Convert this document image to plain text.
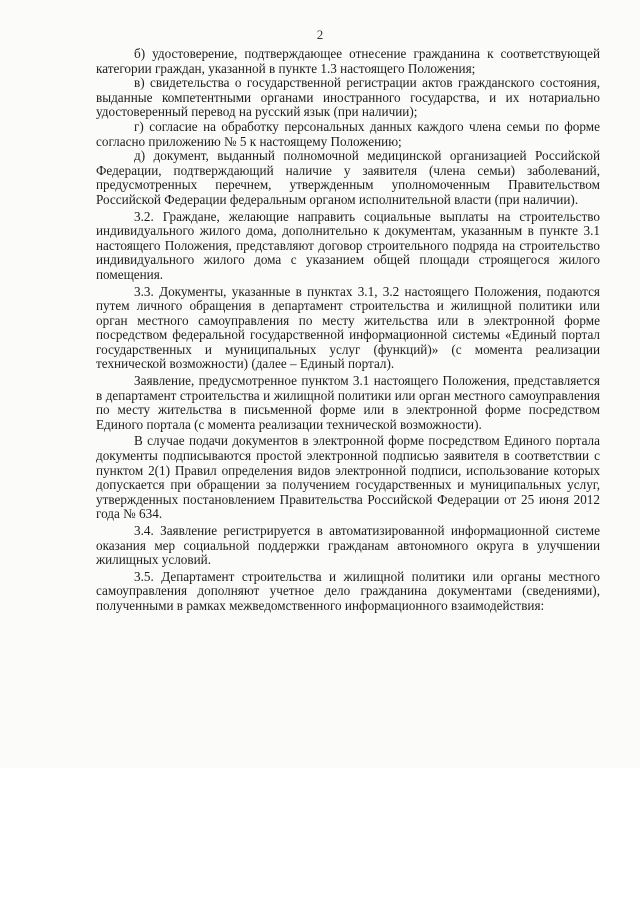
2

б) удостоверение, подтверждающее отнесение гражданина к соответствующей категории граждан, указанной в пункте 1.3 настоящего Положения;

в) свидетельства о государственной регистрации актов гражданского состояния, выданные компетентными органами иностранного государства, и их нотариально удостоверенный перевод на русский язык (при наличии);

г) согласие на обработку персональных данных каждого члена семьи по форме согласно приложению № 5 к настоящему Положению;

д) документ, выданный полномочной медицинской организацией Российской Федерации, подтверждающий наличие у заявителя (члена семьи) заболеваний, предусмотренных перечнем, утвержденным уполномоченным Правительством Российской Федерации федеральным органом исполнительной власти (при наличии).

3.2. Граждане, желающие направить социальные выплаты на строительство индивидуального жилого дома, дополнительно к документам, указанным в пункте 3.1 настоящего Положения, представляют договор строительного подряда на строительство индивидуального жилого дома с указанием общей площади строящегося жилого помещения.

3.3. Документы, указанные в пунктах 3.1, 3.2 настоящего Положения, подаются путем личного обращения в департамент строительства и жилищной политики или орган местного самоуправления по месту жительства или в электронной форме посредством федеральной государственной информационной системы «Единый портал государственных и муниципальных услуг (функций)» (с момента реализации технической возможности) (далее – Единый портал).

Заявление, предусмотренное пунктом 3.1 настоящего Положения, представляется в департамент строительства и жилищной политики или орган местного самоуправления по месту жительства в письменной форме или в электронной форме посредством Единого портала (с момента реализации технической возможности).

В случае подачи документов в электронной форме посредством Единого портала документы подписываются простой электронной подписью заявителя в соответствии с пунктом 2(1) Правил определения видов электронной подписи, использование которых допускается при обращении за получением государственных и муниципальных услуг, утвержденных постановлением Правительства Российской Федерации от 25 июня 2012 года № 634.

3.4. Заявление регистрируется в автоматизированной информационной системе оказания мер социальной поддержки гражданам автономного округа в улучшении жилищных условий.

3.5. Департамент строительства и жилищной политики или органы местного самоуправления дополняют учетное дело гражданина документами (сведениями), полученными в рамках межведомственного информационного взаимодействия:
